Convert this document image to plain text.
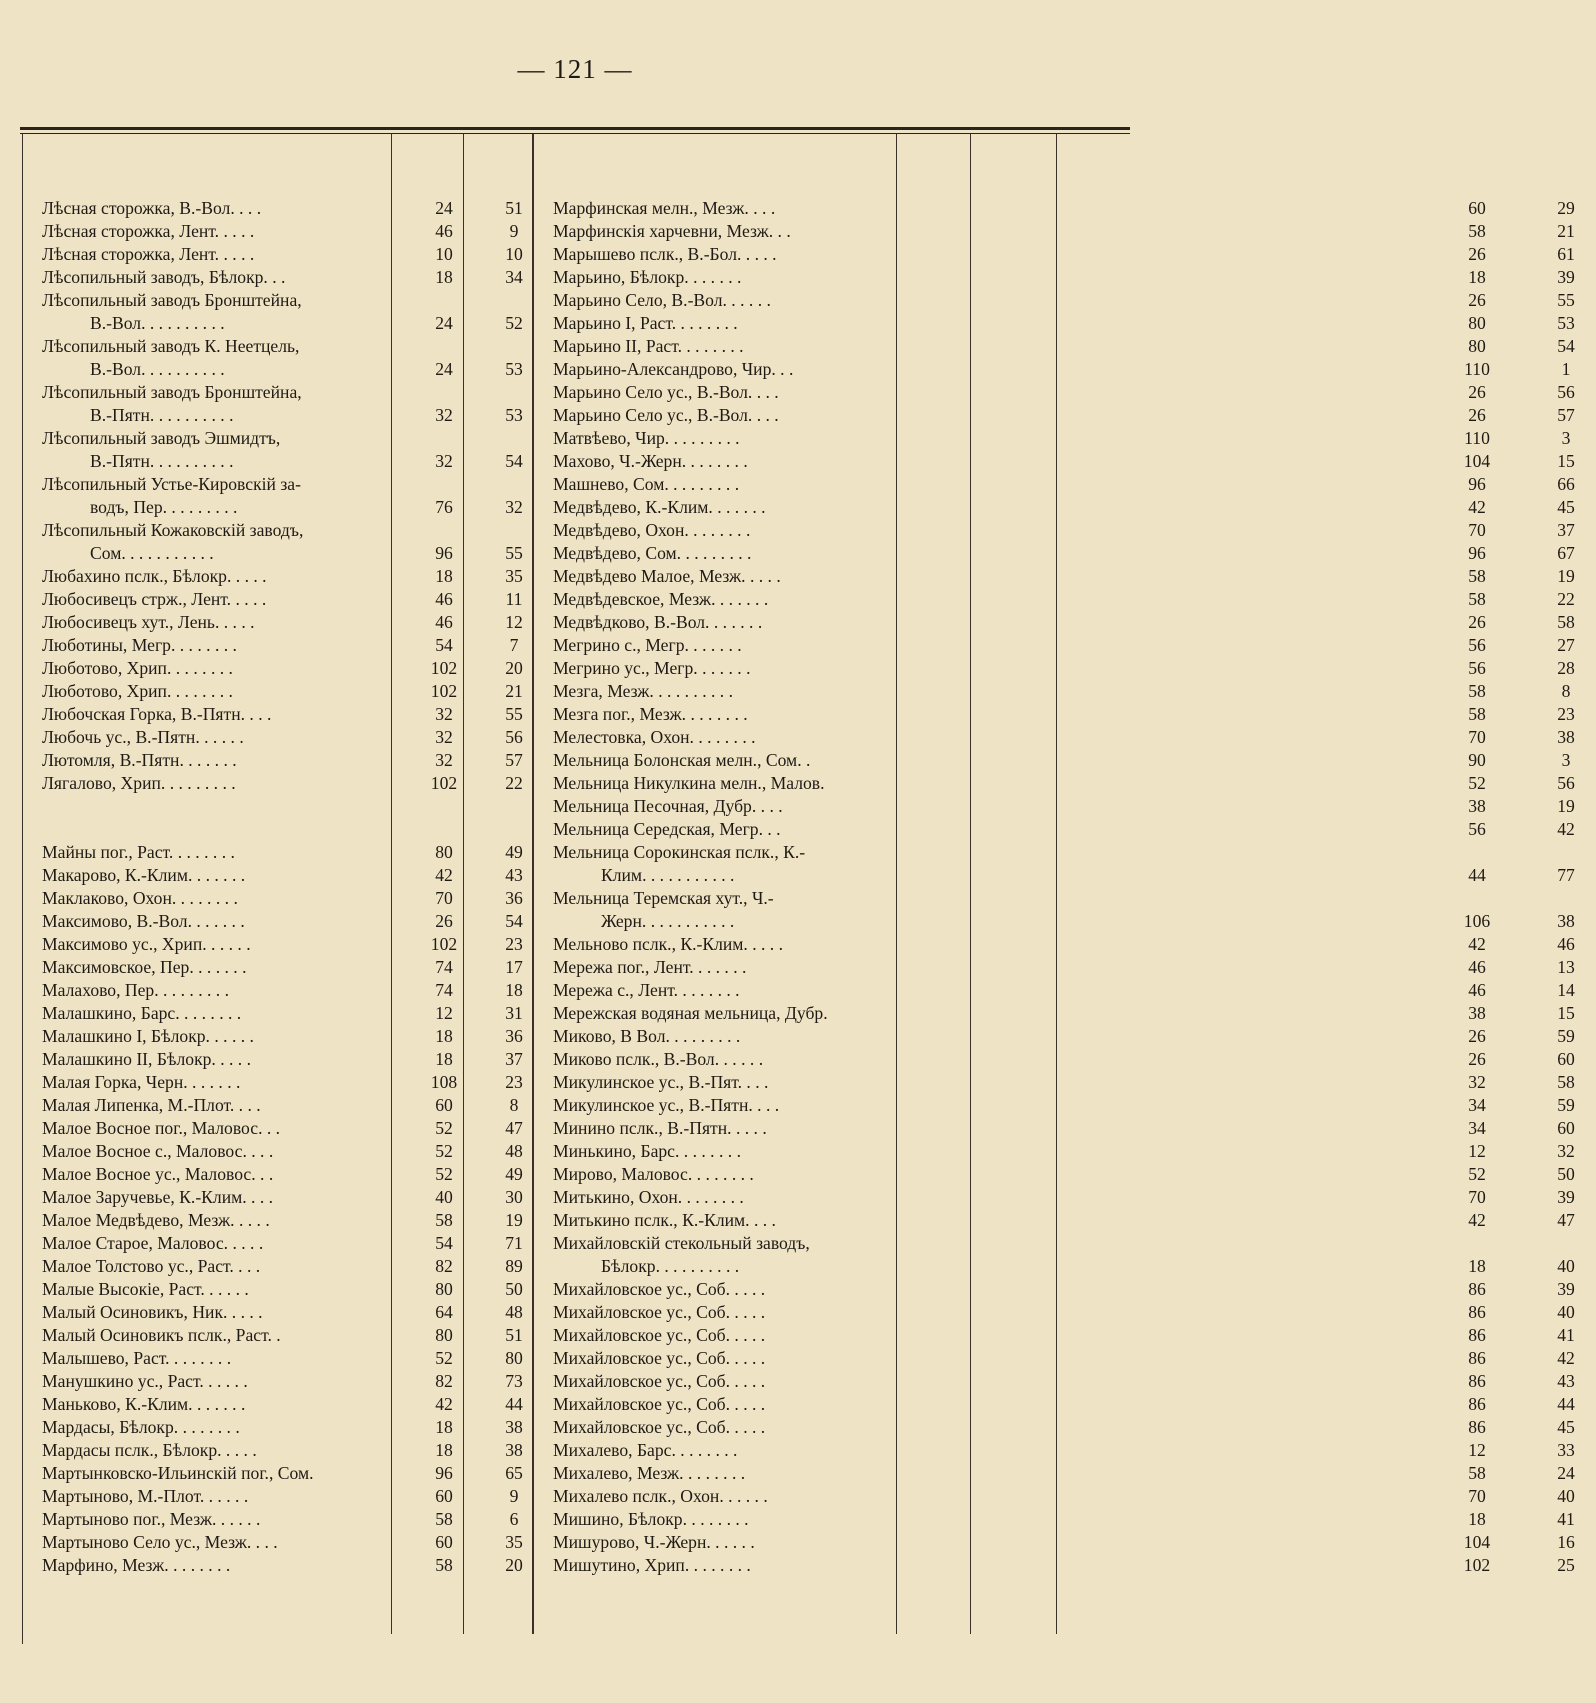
— 121 —
Лѣсная сторожка, В.-Вол. . . .	24	51
Лѣсная сторожка, Лент. . . . .	46	9
Лѣсная сторожка, Лент. . . . .	10	10
Лѣсопильный заводъ, Бѣлокр. . .	18	34
Лѣсопильный заводъ Бронштейна,
В.-Вол. . . . . . . . . .	24	52
Лѣсопильный заводъ К. Неетцель,
В.-Вол. . . . . . . . . .	24	53
Лѣсопильный заводъ Бронштейна,
В.-Пятн. . . . . . . . . .	32	53
Лѣсопильный заводъ Эшмидтъ,
В.-Пятн. . . . . . . . . .	32	54
Лѣсопильный Устье-Кировскій за-
водъ, Пер. . . . . . . . .	76	32
Лѣсопильный Кожаковскій заводъ,
Сом. . . . . . . . . . .	96	55
Любахино пслк., Бѣлокр. . . . .	18	35
Любосивецъ стрж., Лент. . . . .	46	11
Любосивецъ хут., Лень. . . . .	46	12
Люботины, Мегр. . . . . . . .	54	7
Люботово, Хрип. . . . . . . .	102	20
Люботово, Хрип. . . . . . . .	102	21
Любочская Горка, В.-Пятн. . . .	32	55
Любочь ус., В.-Пятн. . . . . .	32	56
Лютомля, В.-Пятн. . . . . . .	32	57
Лягалово, Хрип. . . . . . . . .	102	22
Майны пог., Раст. . . . . . . .	80	49
Макарово, К.-Клим. . . . . . .	42	43
Маклаково, Охон. . . . . . . .	70	36
Максимово, В.-Вол. . . . . . .	26	54
Максимово ус., Хрип. . . . . .	102	23
Максимовское, Пер. . . . . . .	74	17
Малахово, Пер. . . . . . . . .	74	18
Малашкино, Барс. . . . . . . .	12	31
Малашкино I, Бѣлокр. . . . . .	18	36
Малашкино II, Бѣлокр. . . . .	18	37
Малая Горка, Черн. . . . . . .	108	23
Малая Липенка, М.-Плот. . . .	60	8
Малое Восное пог., Маловос. . .	52	47
Малое Восное с., Маловос. . . .	52	48
Малое Восное ус., Маловос. . .	52	49
Малое Заручевье, К.-Клим. . . .	40	30
Малое Медвѣдево, Мезж. . . . .	58	19
Малое Старое, Маловос. . . . .	54	71
Малое Толстово ус., Раст. . . .	82	89
Малые Высокіе, Раст. . . . . .	80	50
Малый Осиновикъ, Ник. . . . .	64	48
Малый Осиновикъ пслк., Раст. .	80	51
Малышево, Раст. . . . . . . .	52	80
Манушкино ус., Раст. . . . . .	82	73
Маньково, К.-Клим. . . . . . .	42	44
Мардасы, Бѣлокр. . . . . . . .	18	38
Мардасы пслк., Бѣлокр. . . . .	18	38
Мартынковско-Ильинскій пог., Сом.	96	65
Мартыново, М.-Плот. . . . . .	60	9
Мартыново пог., Мезж. . . . . .	58	6
Мартыново Село ус., Мезж. . . .	60	35
Марфино, Мезж. . . . . . . .	58	20
Марфинская мелн., Мезж. . . .	60	29
Марфинскія харчевни, Мезж. . .	58	21
Марышево пслк., В.-Бол. . . . .	26	61
Марьино, Бѣлокр. . . . . . .	18	39
Марьино Село, В.-Вол. . . . . .	26	55
Марьино I, Раст. . . . . . . .	80	53
Марьино II, Раст. . . . . . . .	80	54
Марьино-Александрово, Чир. . .	110	1
Марьино Село ус., В.-Вол. . . .	26	56
Марьино Село ус., В.-Вол. . . .	26	57
Матвѣево, Чир. . . . . . . . .	110	3
Махово, Ч.-Жерн. . . . . . . .	104	15
Машнево, Сом. . . . . . . . .	96	66
Медвѣдево, К.-Клим. . . . . . .	42	45
Медвѣдево, Охон. . . . . . . .	70	37
Медвѣдево, Сом. . . . . . . . .	96	67
Медвѣдево Малое, Мезж. . . . .	58	19
Медвѣдевское, Мезж. . . . . . .	58	22
Медвѣдково, В.-Вол. . . . . . .	26	58
Мегрино с., Мегр. . . . . . .	56	27
Мегрино ус., Мегр. . . . . . .	56	28
Мезга, Мезж. . . . . . . . . .	58	8
Мезга пог., Мезж. . . . . . . .	58	23
Мелестовка, Охон. . . . . . . .	70	38
Мельница Болонская мелн., Сом. .	90	3
Мельница Никулкина мелн., Малов.	52	56
Мельница Песочная, Дубр. . . .	38	19
Мельница Середская, Мегр. . .	56	42
Мельница Сорокинская пслк., К.-
Клим. . . . . . . . . . .	44	77
Мельница Теремская хут., Ч.-
Жерн. . . . . . . . . . .	106	38
Мельново пслк., К.-Клим. . . . .	42	46
Мережа пог., Лент. . . . . . .	46	13
Мережа с., Лент. . . . . . . .	46	14
Мережская водяная мельница, Дубр.	38	15
Миково, В Вол. . . . . . . . .	26	59
Миково пслк., В.-Вол. . . . . .	26	60
Микулинское ус., В.-Пят. . . .	32	58
Микулинское ус., В.-Пятн. . . .	34	59
Минино пслк., В.-Пятн. . . . .	34	60
Минькино, Барс. . . . . . . .	12	32
Мирово, Маловос. . . . . . . .	52	50
Митькино, Охон. . . . . . . .	70	39
Митькино пслк., К.-Клим. . . .	42	47
Михайловскій стекольный заводъ,
Бѣлокр. . . . . . . . . .	18	40
Михайловское ус., Соб. . . . .	86	39
Михайловское ус., Соб. . . . .	86	40
Михайловское ус., Соб. . . . .	86	41
Михайловское ус., Соб. . . . .	86	42
Михайловское ус., Соб. . . . .	86	43
Михайловское ус., Соб. . . . .	86	44
Михайловское ус., Соб. . . . .	86	45
Михалево, Барс. . . . . . . .	12	33
Михалево, Мезж. . . . . . . .	58	24
Михалево пслк., Охон. . . . . .	70	40
Мишино, Бѣлокр. . . . . . . .	18	41
Мишурово, Ч.-Жерн. . . . . .	104	16
Мишутино, Хрип. . . . . . . .	102	25
